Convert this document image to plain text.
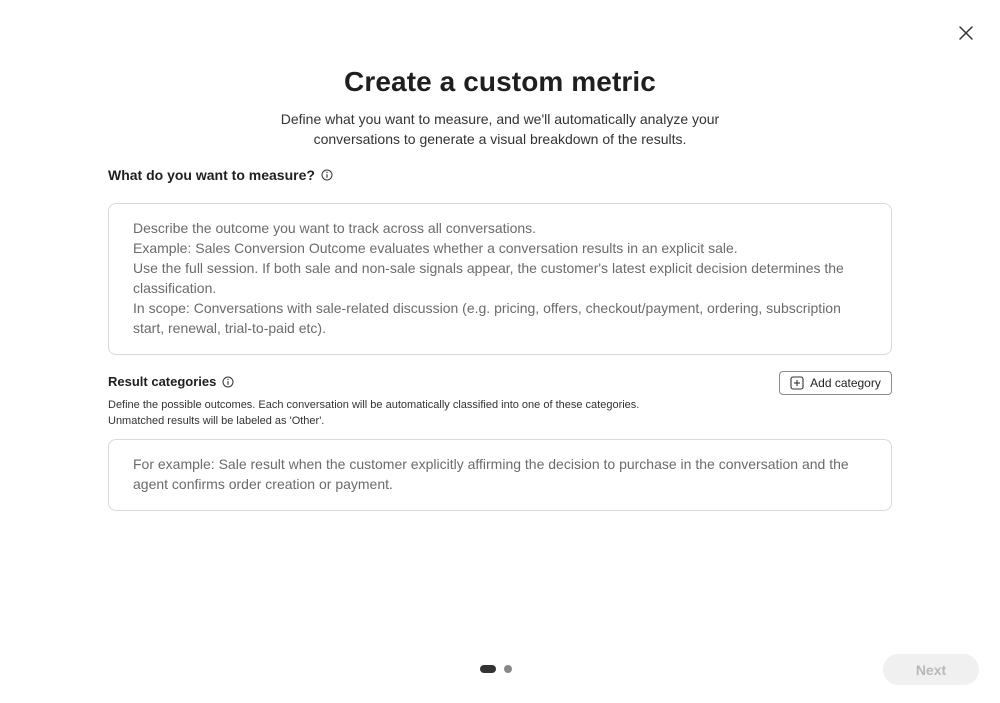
Create a custom metric
Define what you want to measure, and we'll automatically analyze your
conversations to generate a visual breakdown of the results.
What do you want to measure?

Describe the outcome you want to track across all conversations.

Example: Sales Conversion Outcome evaluates whether a conversation results in an explicit sale.

Use the full session. If both sale and non-sale signals appear, the customer's latest explicit decision determines the classification.

In scope: Conversations with sale-related discussion (e.g. pricing, offers, checkout/payment, ordering, subscription start, renewal, trial-to-paid etc).

Result categories	Add category
Define the possible outcomes. Each conversation will be automatically classified into one of these categories.
Unmatched results will be labeled as 'Other'.

For example: Sale result when the customer explicitly affirming the decision to purchase in the conversation and the agent confirms order creation or payment.

Next
